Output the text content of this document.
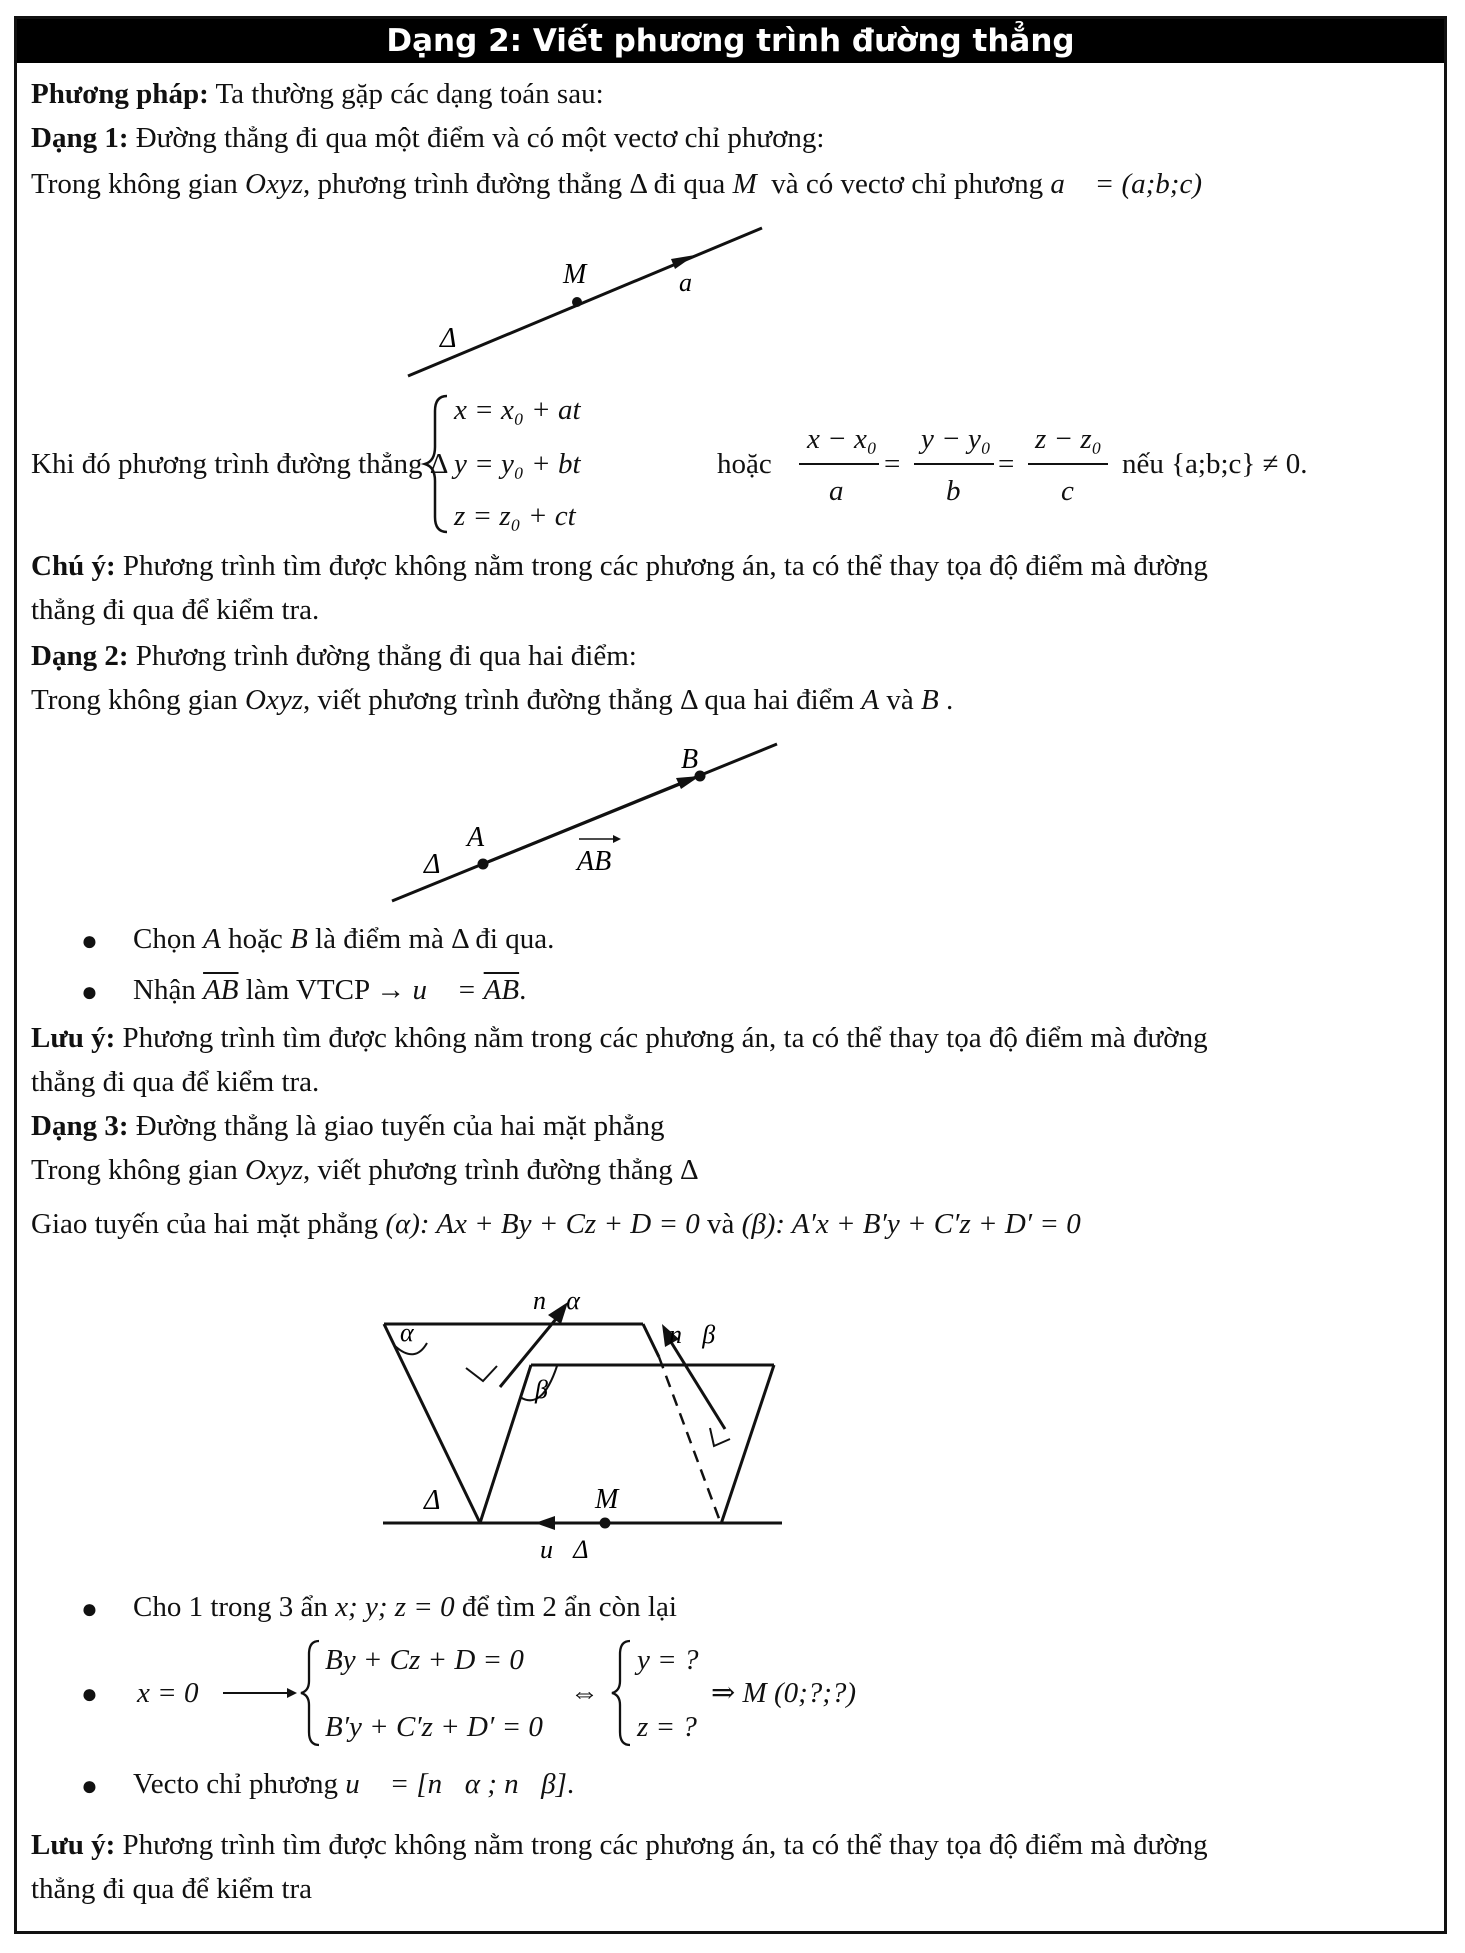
Dạng 2: Viết phương trình đường thẳng
Phương pháp: Ta thường gặp các dạng toán sau:
Dạng 1: Đường thẳng đi qua một điểm và có một vectơ chỉ phương:
Trong không gian Oxyz, phương trình đường thẳng Δ đi qua M và có vectơ chỉ phương a⃗ = (a;b;c)
M	a⃗
Δ
Khi đó phương trình đường thẳng Δ
x = x₀ + at
y = y₀ + bt
z = z₀ + ct
hoặc
x − x₀
a
=
y − y₀
b
=
z − z₀
c
nếu {a;b;c} ≠ 0.
Chú ý: Phương trình tìm được không nằm trong các phương án, ta có thể thay tọa độ điểm mà đường
thẳng đi qua để kiểm tra.
Dạng 2: Phương trình đường thẳng đi qua hai điểm:
Trong không gian Oxyz, viết phương trình đường thẳng Δ qua hai điểm A và B .
A
B
AB
Δ
● Chọn A hoặc B là điểm mà Δ đi qua.
● Nhận $\overline{AB}$ làm VTCP → u⃗ = $\overline{AB}$.
Lưu ý: Phương trình tìm được không nằm trong các phương án, ta có thể thay tọa độ điểm mà đường
thẳng đi qua để kiểm tra.
Dạng 3: Đường thẳng là giao tuyến của hai mặt phẳng
Trong không gian Oxyz, viết phương trình đường thẳng Δ
Giao tuyến của hai mặt phẳng (α): Ax + By + Cz + D = 0 và (β): A′x + B′y + C′z + D′ = 0
α
β
M
Δ
u⃗Δ
n⃗α
n⃗β
● Cho 1 trong 3 ẩn x; y; z = 0 để tìm 2 ẩn còn lại
● x = 0
By + Cz + D = 0
B′y + C′z + D′ = 0
⇔
y = ?
z = ?
⇒ M (0;?;?)
● Vecto chỉ phương u⃗ = [n⃗α ; n⃗β].
Lưu ý: Phương trình tìm được không nằm trong các phương án, ta có thể thay tọa độ điểm mà đường
thẳng đi qua để kiểm tra
